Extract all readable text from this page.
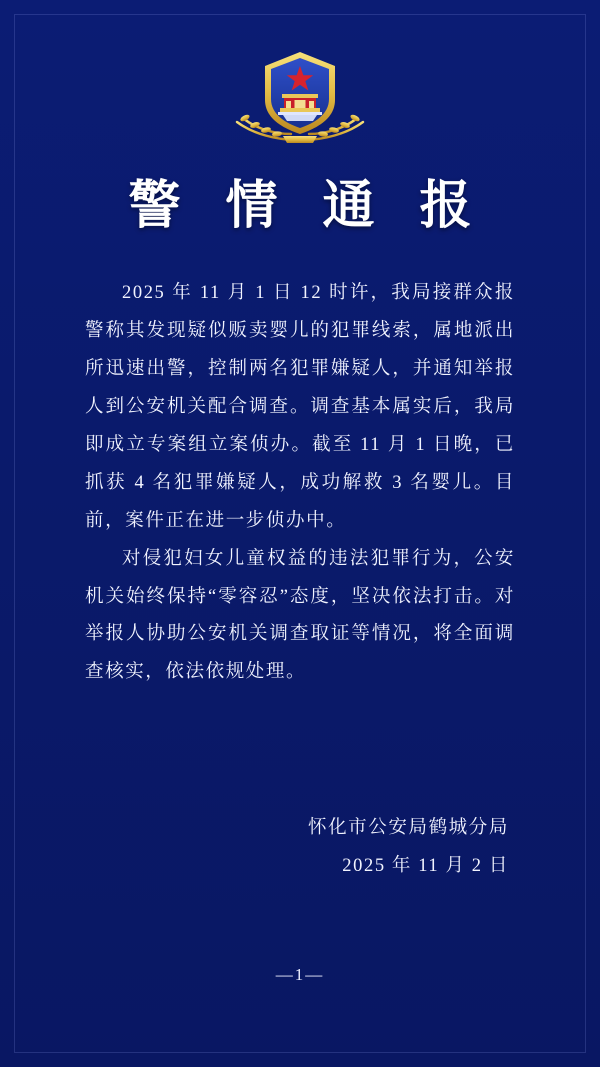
警 情 通 报

2025 年 11 月 1 日 12 时许，我局接群众报警称其发现疑似贩卖婴儿的犯罪线索，属地派出所迅速出警，控制两名犯罪嫌疑人，并通知举报人到公安机关配合调查。调查基本属实后，我局即成立专案组立案侦办。截至 11 月 1 日晚，已抓获 4 名犯罪嫌疑人，成功解救 3 名婴儿。目前，案件正在进一步侦办中。

对侵犯妇女儿童权益的违法犯罪行为，公安机关始终保持“零容忍”态度，坚决依法打击。对举报人协助公安机关调查取证等情况，将全面调查核实，依法依规处理。

怀化市公安局鹤城分局
2025 年 11 月 2 日
—1—
